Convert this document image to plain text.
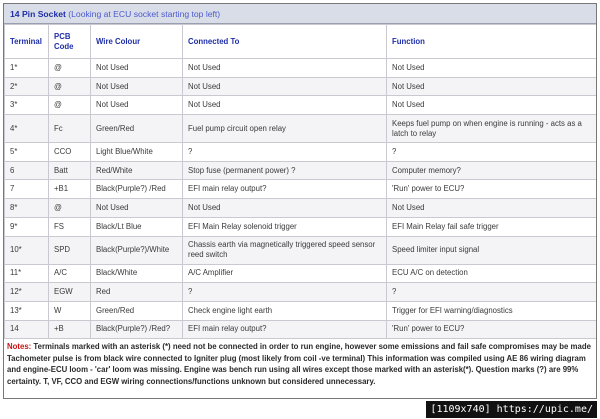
14 Pin Socket (Looking at ECU socket starting top left)
Terminal	PCB Code	Wire Colour	Connected To	Function
1*	@	Not Used	Not Used	Not Used
2*	@	Not Used	Not Used	Not Used
3*	@	Not Used	Not Used	Not Used
4*	Fc	Green/Red	Fuel pump circuit open relay	Keeps fuel pump on when engine is running - acts as a latch to relay
5*	CCO	Light Blue/White	?	?
6	Batt	Red/White	Stop fuse (permanent power) ?	Computer memory?
7	+B1	Black(Purple?) /Red	EFI main relay output?	'Run' power to ECU?
8*	@	Not Used	Not Used	Not Used
9*	FS	Black/Lt Blue	EFI Main Relay solenoid trigger	EFI Main Relay fail safe trigger
10*	SPD	Black(Purple?)/White	Chassis earth via magnetically triggered speed sensor reed switch	Speed limiter input signal
11*	A/C	Black/White	A/C Amplifier	ECU A/C on detection
12*	EGW	Red	?	?
13*	W	Green/Red	Check engine light earth	Trigger for EFI warning/diagnostics
14	+B	Black(Purple?) /Red?	EFI main relay output?	'Run' power to ECU?
Notes: Terminals marked with an asterisk (*) need not be connected in order to run engine, however some emissions and fail safe compromises may be made Tachometer pulse is from black wire connected to Igniter plug (most likely from coil -ve terminal) This information was compiled using AE 86 wiring diagram and engine-ECU loom - 'car' loom was missing. Engine was bench run using all wires except those marked with an asterisk(*). Question marks (?) are 99% certainty. T, VF, CCO and EGW wiring connections/functions unknown but considered unnecessary.
[1109x740] https://upic.me/
